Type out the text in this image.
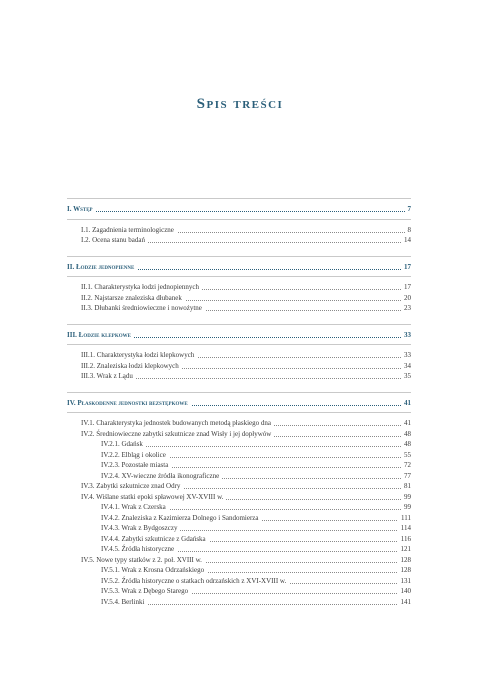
Spis treści
I. Wstęp	7
I.1. Zagadnienia terminologiczne	8
I.2. Ocena stanu badań	14
II. Łodzie jednopienne	17
II.1. Charakterystyka łodzi jednopiennych	17
II.2. Najstarsze znaleziska dłubanek	20
II.3. Dłubanki średniowieczne i nowożytne	23
III. Łodzie klepkowe	33
III.1. Charakterystyka łodzi klepkowych	33
III.2. Znaleziska łodzi klepkowych	34
III.3. Wrak z Lądu	35
IV. Płaskodenne jednostki bezstępkowe	41
IV.1. Charakterystyka jednostek budowanych metodą płaskiego dna	41
IV.2. Średniowieczne zabytki szkutnicze znad Wisły i jej dopływów	48
IV.2.1. Gdańsk	48
IV.2.2. Elbląg i okolice	55
IV.2.3. Pozostałe miasta	72
IV.2.4. XV-wieczne źródła ikonograficzne	77
IV.3. Zabytki szkutnicze znad Odry	81
IV.4. Wiślane statki epoki spławowej XV-XVIII w.	99
IV.4.1. Wrak z Czerska	99
IV.4.2. Znaleziska z Kazimierza Dolnego i Sandomierza	111
IV.4.3. Wrak z Bydgoszczy	114
IV.4.4. Zabytki szkutnicze z Gdańska	116
IV.4.5. Źródła historyczne	121
IV.5. Nowe typy statków z 2. poł. XVIII w.	128
IV.5.1. Wrak z Krosna Odrzańskiego	128
IV.5.2. Źródła historyczne o statkach odrzańskich z XVI-XVIII w.	131
IV.5.3. Wrak z Dębego Starego	140
IV.5.4. Berlinki	141
